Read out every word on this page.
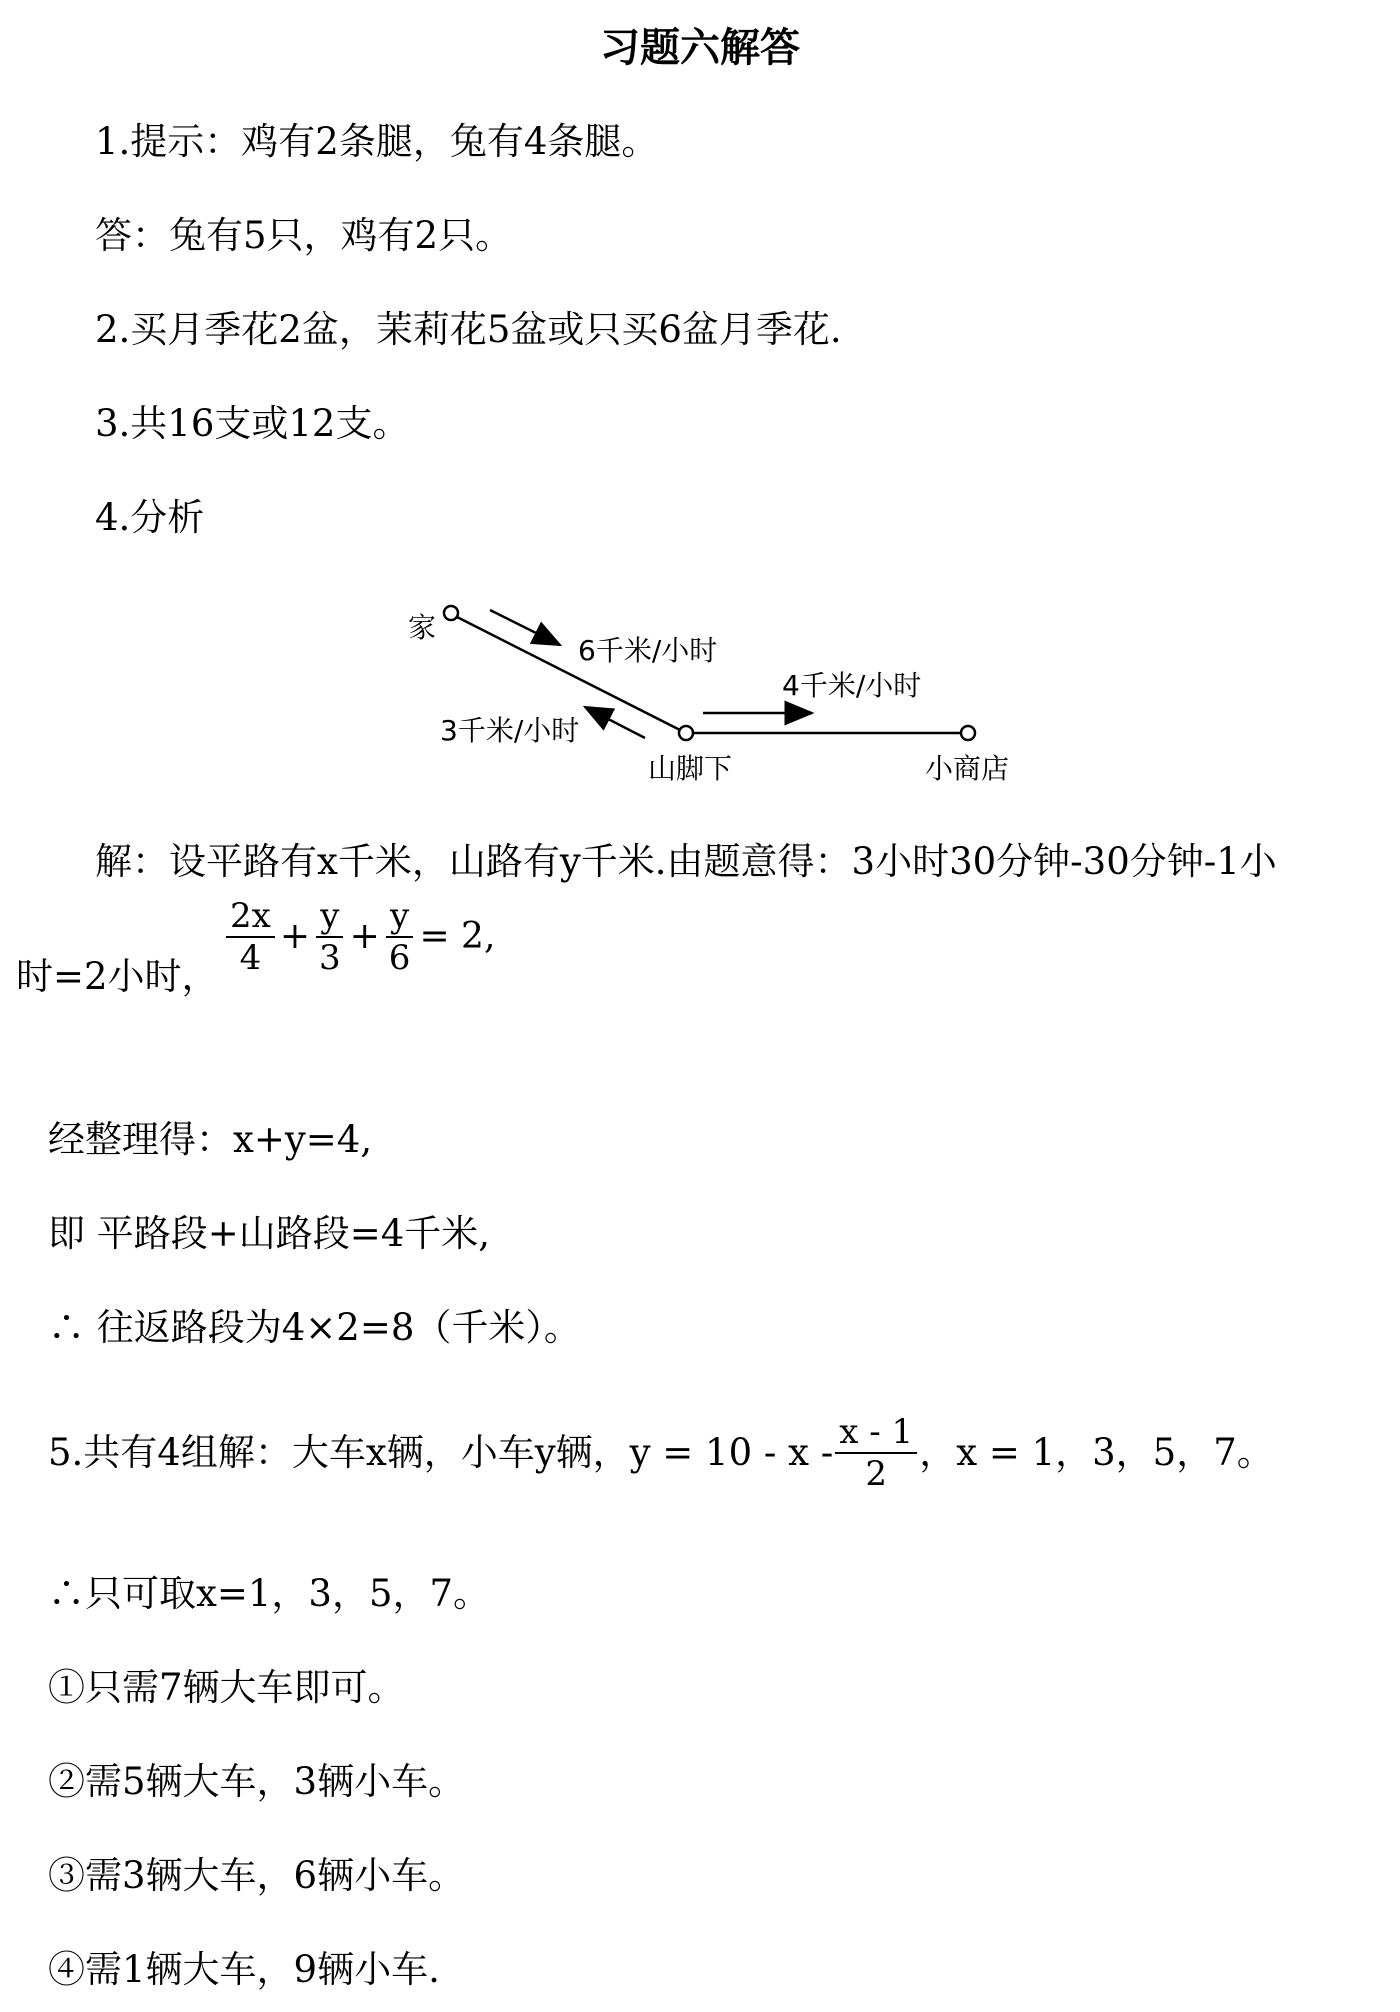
习题六解答
1.提示：鸡有2条腿，兔有4条腿。
答：兔有5只，鸡有2只。
2.买月季花2盆，茉莉花5盆或只买6盆月季花.
3.共16支或12支。
4.分析
家
6千米/小时
3千米/小时
4千米/小时
山脚下	小商店
解：设平路有x千米，山路有y千米.由题意得：3小时30分钟-30分钟-1小
时=2小时， $\frac{2x}{4} + \frac{y}{3} + \frac{y}{6} = 2$,
经整理得：x+y=4,
即 平路段+山路段=4千米,
∴ 往返路段为4×2=8（千米）。
5.共有4组解：大车x辆，小车y辆，$y = 10 - x - \frac{x - 1}{2}$ ，x = 1，3，5，7。
∴只可取x=1，3，5，7。
①只需7辆大车即可。
②需5辆大车，3辆小车。
③需3辆大车，6辆小车。
④需1辆大车，9辆小车.
